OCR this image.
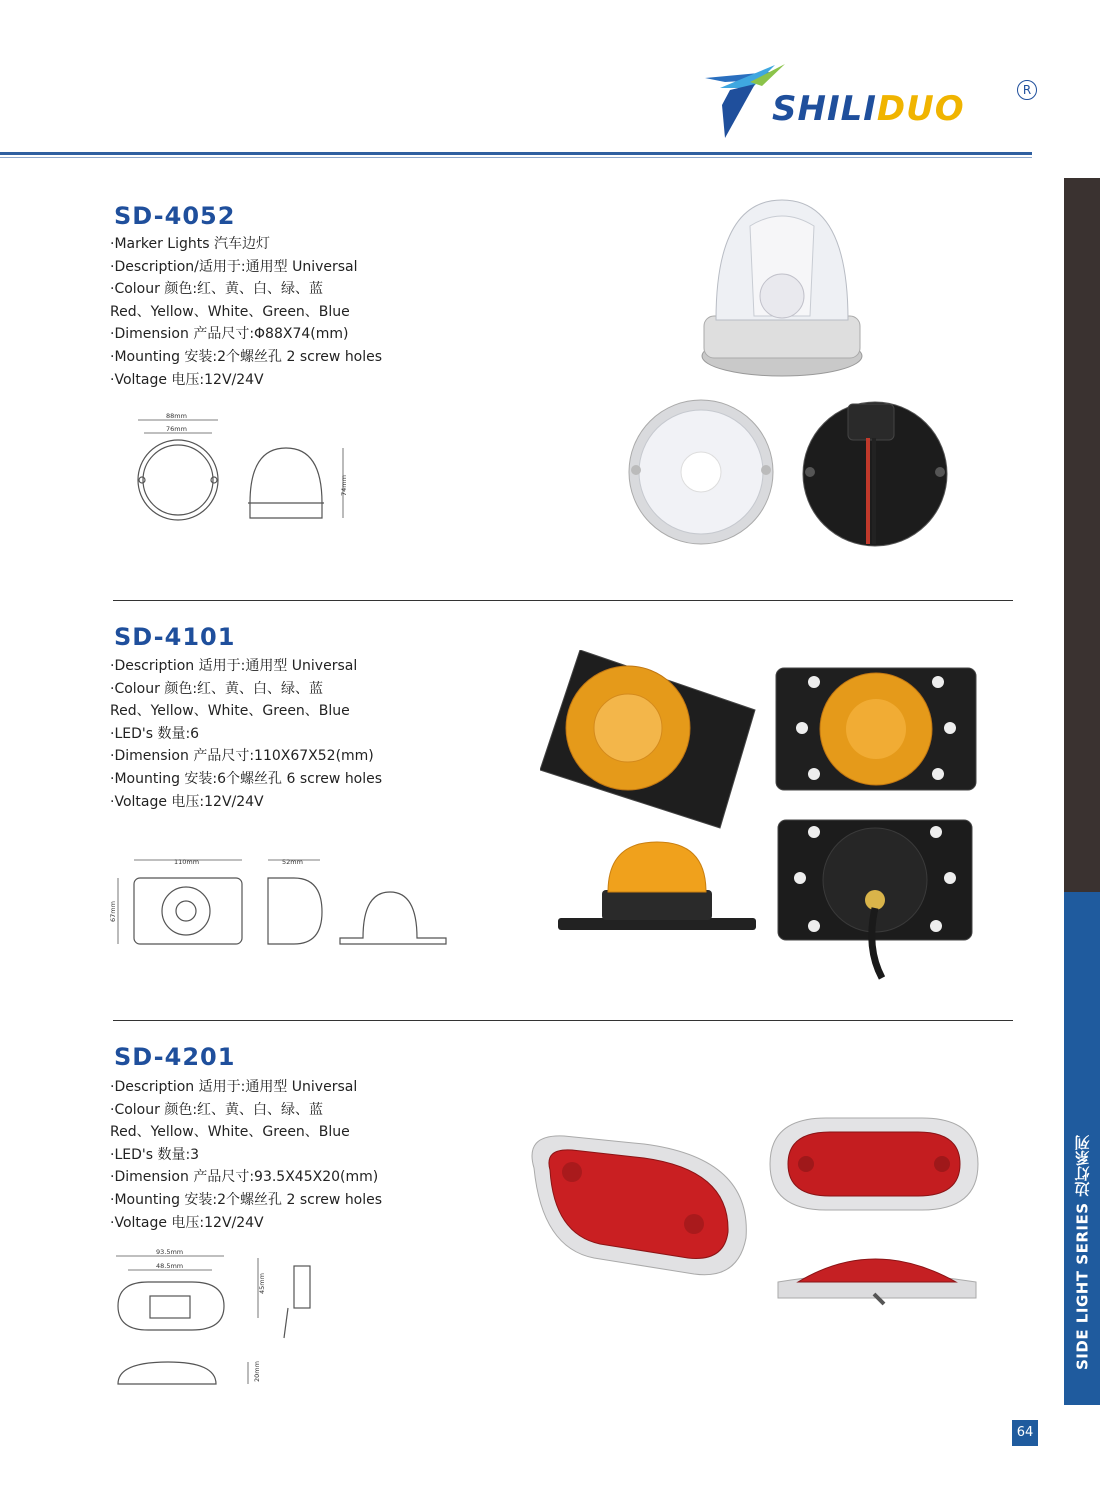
SHILIDUO	R
SIDE LIGHT SERIES 边灯系列
SD-4052
·Marker Lights 汽车边灯
·Description/适用于:通用型 Universal
·Colour 颜色:红、黄、白、绿、蓝
Red、Yellow、White、Green、Blue
·Dimension 产品尺寸:Φ88X74(mm)
·Mounting 安装:2个螺丝孔 2 screw holes
·Voltage 电压:12V/24V
88mm
76mm
74mm
SD-4101
·Description 适用于:通用型 Universal
·Colour 颜色:红、黄、白、绿、蓝
Red、Yellow、White、Green、Blue
·LED's 数量:6
·Dimension 产品尺寸:110X67X52(mm)
·Mounting 安装:6个螺丝孔 6 screw holes
·Voltage 电压:12V/24V
110mm
67mm
52mm
SD-4201
·Description 适用于:通用型 Universal
·Colour 颜色:红、黄、白、绿、蓝
Red、Yellow、White、Green、Blue
·LED's 数量:3
·Dimension 产品尺寸:93.5X45X20(mm)
·Mounting 安装:2个螺丝孔 2 screw holes
·Voltage 电压:12V/24V
93.5mm
48.5mm
45mm
20mm
64
